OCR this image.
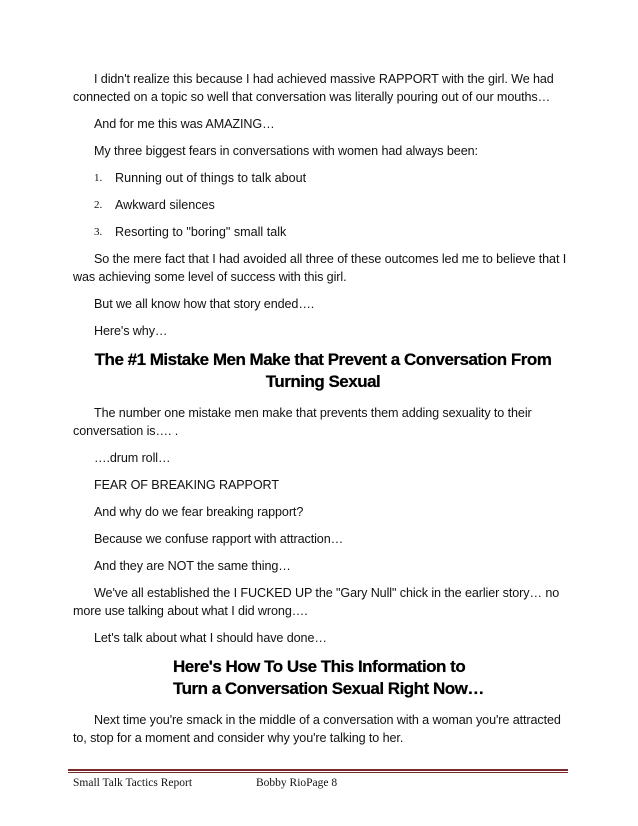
I didn't realize this because I had achieved massive RAPPORT with the girl. We had connected on a topic so well that conversation was literally pouring out of our mouths…

And for me this was AMAZING…

My three biggest fears in conversations with women had always been:

1.	Running out of things to talk about
2.	Awkward silences
3.	Resorting to "boring" small talk

So the mere fact that I had avoided all three of these outcomes led me to believe that I was achieving some level of success with this girl.

But we all know how that story ended….

Here's why…

The #1 Mistake Men Make that Prevent a Conversation From
Turning Sexual

The number one mistake men make that prevents them adding sexuality to their conversation is…. .

….drum roll…

FEAR OF BREAKING RAPPORT

And why do we fear breaking rapport?

Because we confuse rapport with attraction…

And they are NOT the same thing…

We've all established the I FUCKED UP the "Gary Null" chick in the earlier story… no more use talking about what I did wrong….

Let's talk about what I should have done…

Here's How To Use This Information to
Turn a Conversation Sexual Right Now…

Next time you're smack in the middle of a conversation with a woman you're attracted to, stop for a moment and consider why you're talking to her.

Small Talk Tactics Report	Bobby RioPage 8
